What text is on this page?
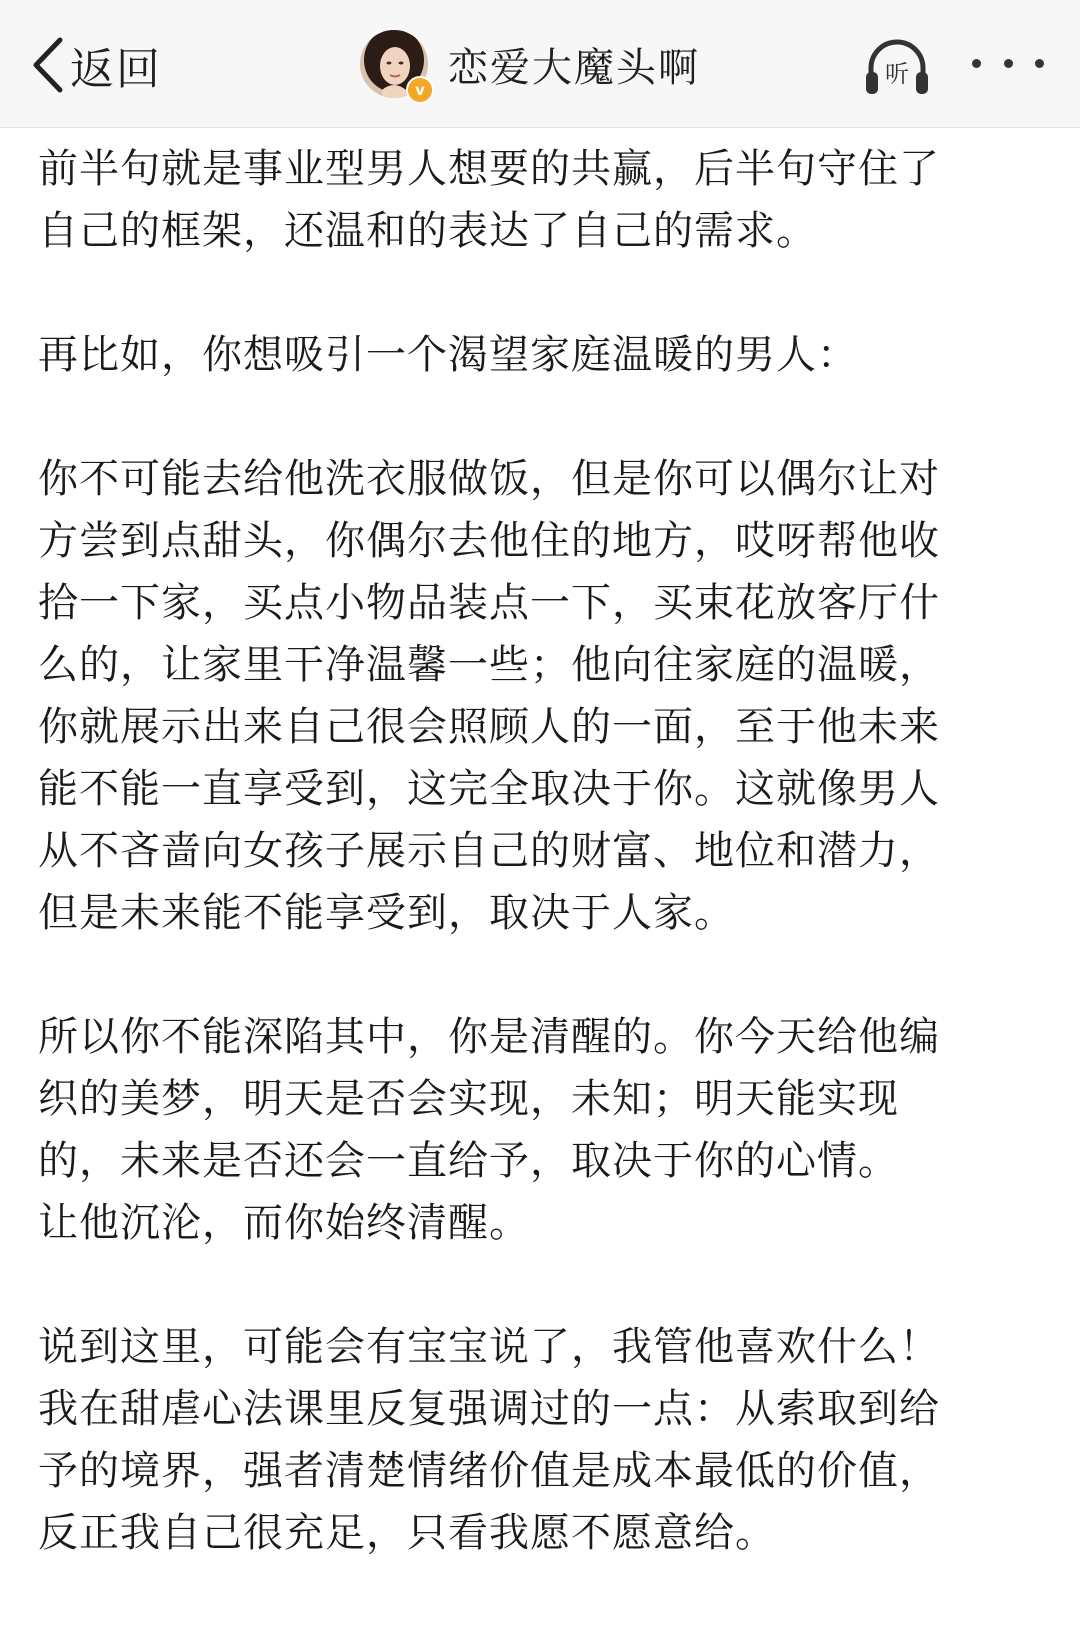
返回	v 恋爱大魔头啊	听

前半句就是事业型男人想要的共赢，后半句守住了
自己的框架，还温和的表达了自己的需求。

再比如，你想吸引一个渴望家庭温暖的男人：

你不可能去给他洗衣服做饭，但是你可以偶尔让对
方尝到点甜头，你偶尔去他住的地方，哎呀帮他收
拾一下家，买点小物品装点一下，买束花放客厅什
么的，让家里干净温馨一些；他向往家庭的温暖，
你就展示出来自己很会照顾人的一面，至于他未来
能不能一直享受到，这完全取决于你。这就像男人
从不吝啬向女孩子展示自己的财富、地位和潜力，
但是未来能不能享受到，取决于人家。

所以你不能深陷其中，你是清醒的。你今天给他编
织的美梦，明天是否会实现，未知；明天能实现
的，未来是否还会一直给予，取决于你的心情。
让他沉沦，而你始终清醒。

说到这里，可能会有宝宝说了，我管他喜欢什么！
我在甜虐心法课里反复强调过的一点：从索取到给
予的境界，强者清楚情绪价值是成本最低的价值，
反正我自己很充足，只看我愿不愿意给。
